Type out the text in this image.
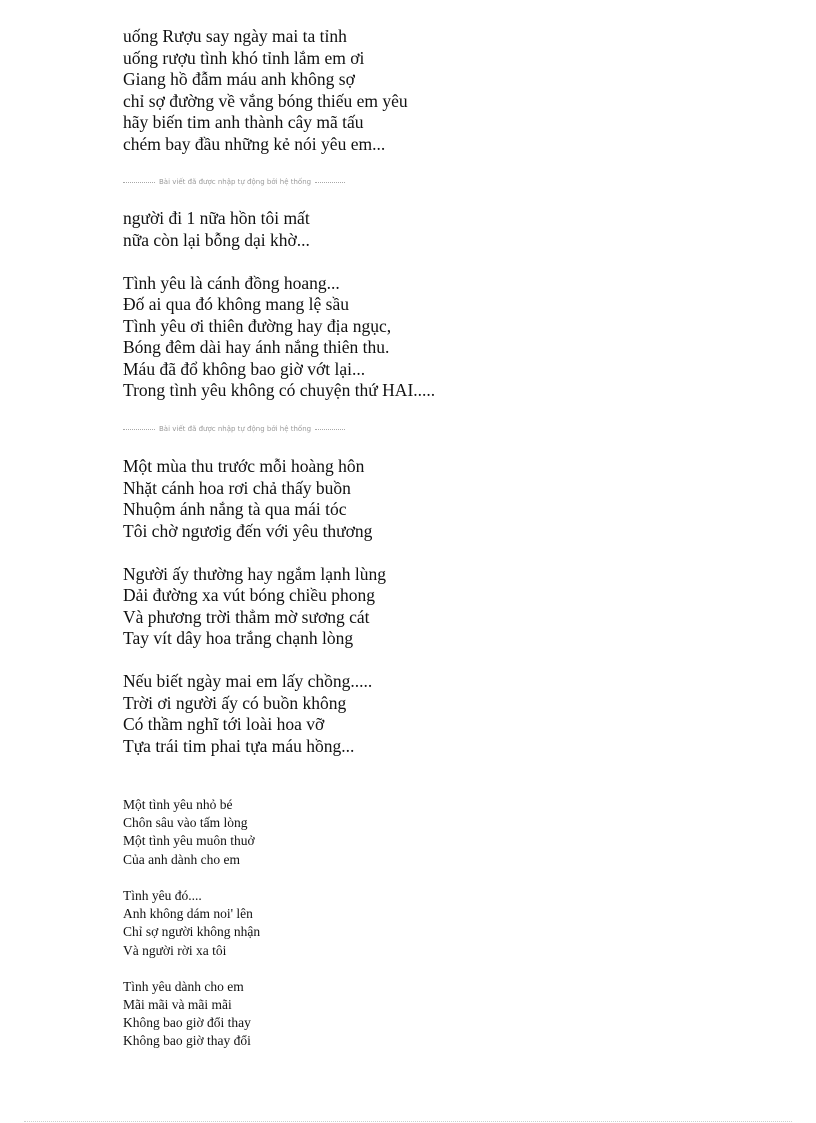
uống Rượu say ngày mai ta tỉnh
uống rượu tình khó tỉnh lắm em ơi
Giang hồ đẫm máu anh không sợ
chỉ sợ đường về vắng bóng thiếu em yêu
hãy biến tim anh thành cây mã tấu
chém bay đầu những kẻ nói yêu em...
Bài viết đã được nhập tự động bởi hệ thống
người đi 1 nữa hồn tôi mất
nữa còn lại bỗng dại khờ...
Tình yêu là cánh đồng hoang...
Đố ai qua đó không mang lệ sầu
Tình yêu ơi thiên đường hay địa ngục,
Bóng đêm dài hay ánh nắng thiên thu.
Máu đã đổ không bao giờ vớt lại...
Trong tình yêu không có chuyện thứ HAI.....
Bài viết đã được nhập tự động bởi hệ thống
Một mùa thu trước mỗi hoàng hôn
Nhặt cánh hoa rơi chả thấy buồn
Nhuộm ánh nắng tà qua mái tóc
Tôi chờ ngươig đến với yêu thương
Người ấy thường hay ngắm lạnh lùng
Dải đường xa vút bóng chiều phong
Và phương trời thẳm mờ sương cát
Tay vít dây hoa trắng chạnh lòng
Nếu biết ngày mai em lấy chồng.....
Trời ơi người ấy có buồn không
Có thầm nghĩ tới loài hoa vỡ
Tựa trái tim phai tựa máu hồng...
Một tình yêu nhỏ bé
Chôn sâu vào tấm lòng
Một tình yêu muôn thuở
Của anh dành cho em
Tình yêu đó....
Anh không dám noi' lên
Chỉ sợ người không nhận
Và người rời xa tôi
Tình yêu dành cho em
Mãi mãi và mãi mãi
Không bao giờ đổi thay
Không bao giờ thay đổi
